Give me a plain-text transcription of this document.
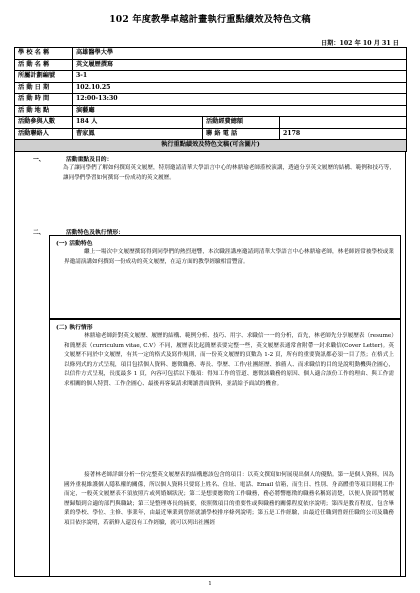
102 年度教學卓越計畫執行重點績效及特色文稿
日期：102 年 10 月 31 日
學 校 名 稱	高雄醫學大學		
活 動 名 稱	英文履歷撰寫		
所屬計劃編號	3-1		
活 動 日 期	102.10.25		
活 動 時 間	12:00-13:30		
活 動 地 點	演藝廳		
活動參與人數	184 人	活動經費總額	
活動聯絡人	曹家鳳	聯 絡 電 話	2178
執行重點績效及特色文稿(可含圖片)			
一、	活動重點及目的：
為了讓同學們了解如何撰寫英文履歷，特別邀請清華大學語言中心的林鼎瑜老師蒞校演講，透過分享英文履歷的結構、範例和技巧等，讓同學們學習如何撰寫一份成功的英文履歷。
二、	活動特色及執行情形：
(一) 活動特色
繼上一場次中文履歷撰寫得到同學們的熱烈迴響，本次職涯講座邀請到清華大學語言中心林鼎瑜老師，林老師經常被學校或業界邀請演講如何撰寫一份成功的英文履歷，在這方面的教學經驗相當豐富。
(二) 執行情形
林鼎瑜老師針對英文履歷、履歷的結構、範例分析、技巧、用字、求職信一一的分析，首先，林老師先分享履歷表（resume）和簡歷表（curriculum vitae, C.V）不同，履歷表比起簡歷表要完整一些，英文履歷表通常會附帶一封求職信(Cover Letter)。英文履歷不同於中文履歷，有其一定的格式及寫作規則，而一份英文履歷的頁數為 1-2 頁，所有的重要資訊都必須一目了然；在格式上以條列式的方式呈現，項目包括個人資料、應徵職務、專長、學歷、工作/社團經歷、推薦人、而求職信的目的是說明動機與企圖心，以信件方式呈現，長度最多 1 頁，內容可包括以下幾項：得知工作的管道、應徵該職務的原因、個人適合該份工作的理由、與工作需求相關的個人特質、工作企圖心、最後再客氣請求閱讀書面資料，並請給予面試的機會。
接著林老師詳細分析一份完整英文履歷表的結構應該包含的項目：以英文撰寫如何展現出個人的優點。第一是個人資料，因為國外重視維護個人隱私權的關係，所以個人資料只要寫上姓名、住址、電話、Email 信箱，而生日、性別、身高體重等項目則視工作而定，一般英文履歷表不須放照片或列婚姻狀況；第二是想要應徵的工作職務，務必將響應徵的職務名稱寫清楚，以便人資部門將履歷歸類到合適的部門與職缺；第三是整理專長的摘要，依照徵項目的重要性或與職務的關係程度依序說明；第四是教育程度，包含畢業的學校、學位、主修、事業年，由最近畢業到曾經就讀學校排序條列說明；第五是工作經驗，由最近任職到曾經任職的公司及職務項目依序說明，若新鮮人還沒有工作經驗，就可以列出社團經
1
